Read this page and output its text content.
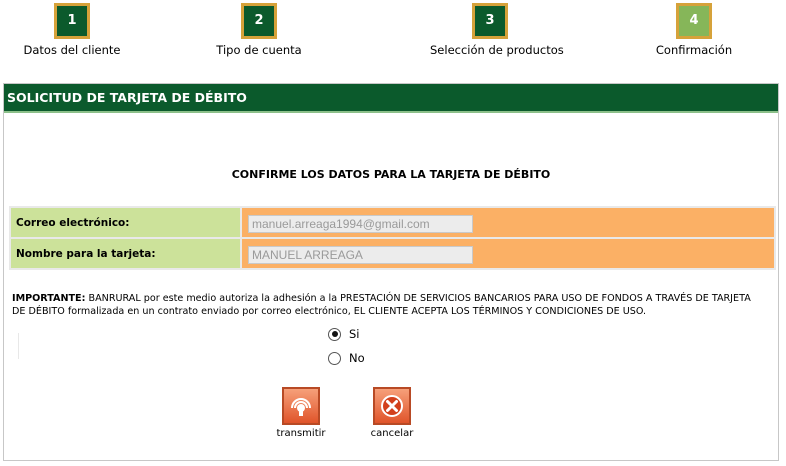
1
Datos del cliente
2
Tipo de cuenta
3
Selección de productos
4
Confirmación
SOLICITUD DE TARJETA DE DÉBITO
CONFIRME LOS DATOS PARA LA TARJETA DE DÉBITO
Correo electrónico:	manuel.arreaga1994@gmail.com
Nombre para la tarjeta:	MANUEL ARREAGA
IMPORTANTE: BANRURAL por este medio autoriza la adhesión a la PRESTACIÓN DE SERVICIOS BANCARIOS PARA USO DE FONDOS A TRAVÉS DE TARJETA DE DÉBITO formalizada en un contrato enviado por correo electrónico, EL CLIENTE ACEPTA LOS TÉRMINOS Y CONDICIONES DE USO.
Si
No
transmitir	cancelar
